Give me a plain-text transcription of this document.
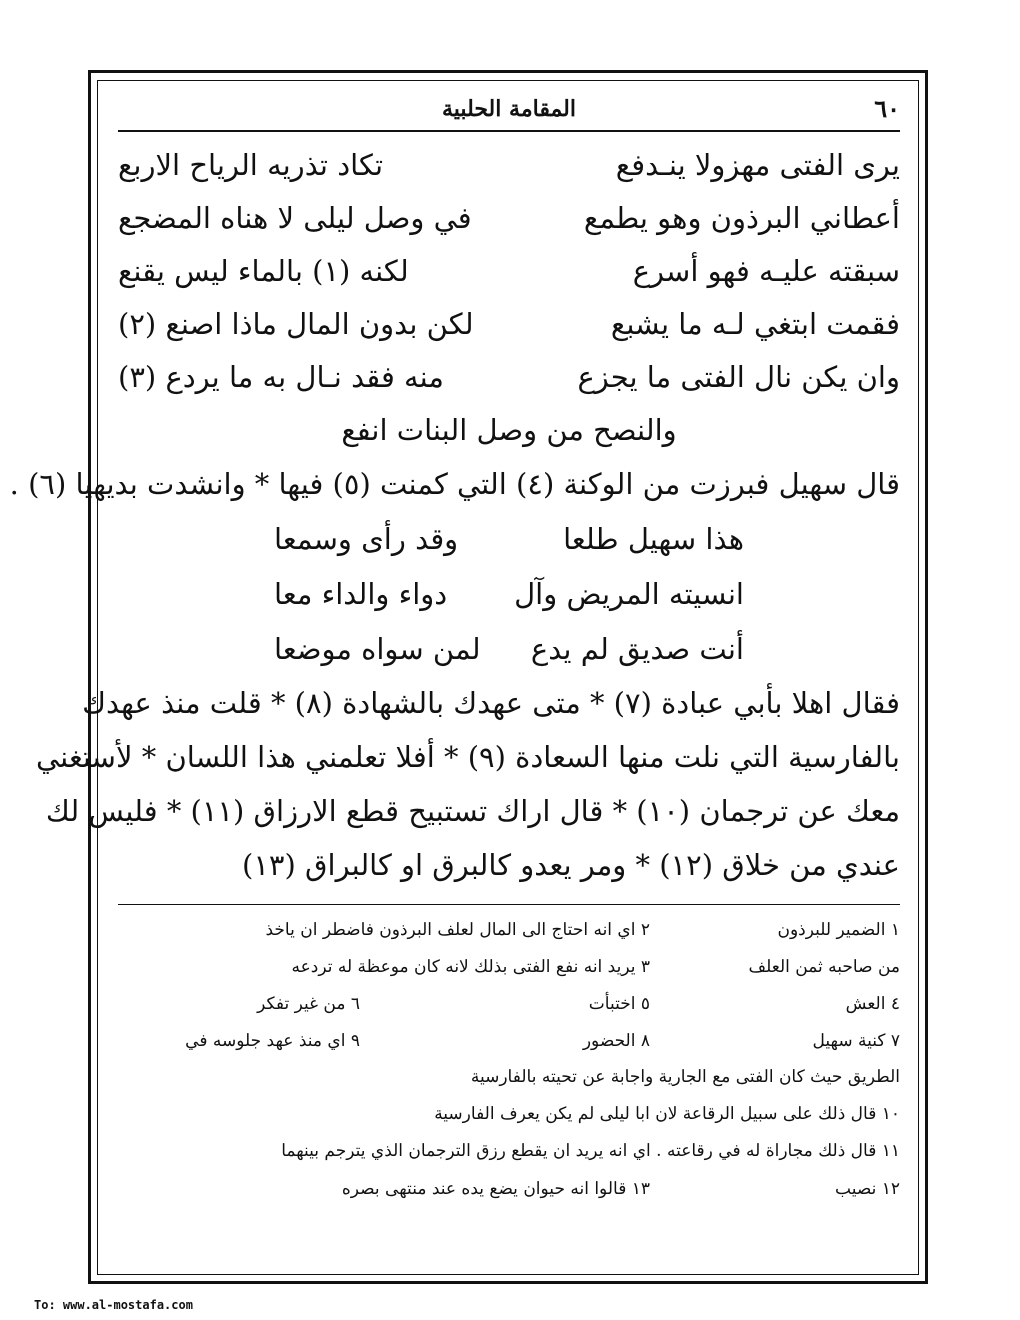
٦٠
المقامة الحلبية
يرى الفتى مهزولا ينـدفع
تكاد تذريه الرياح الاربع
أعطاني البرذون وهو يطمع
في وصل ليلى لا هناه المضجع
سبقته عليـه فهو أسرع
لكنه (١) بالماء ليس يقنع
فقمت ابتغي لـه ما يشبع
لكن بدون المال ماذا اصنع (٢)
وان يكن نال الفتى ما يجزع
منه فقد نـال به ما يردع (٣)
والنصح من وصل البنات انفع
قال سهيل فبرزت من الوكنة (٤) التي كمنت (٥) فيها * وانشدت بديهيا (٦) .
هذا سهيل طلعا
وقد رأى وسمعا
انسيته المريض وآل
دواء والداء معا
أنت صديق لم يدع
لمن سواه موضعا
فقال اهلا بأبي عبادة (٧) * متى عهدك بالشهادة (٨) * قلت منذ عهدك
بالفارسية التي نلت منها السعادة (٩) * أفلا تعلمني هذا اللسان * لأستغني
معك عن ترجمان (١٠) * قال اراك تستبيح قطع الارزاق (١١) * فليس لك
عندي من خلاق (١٢) * ومر يعدو كالبرق او كالبراق (١٣)
١ الضمير للبرذون
٢ اي انه احتاج الى المال لعلف البرذون فاضطر ان ياخذ
من صاحبه ثمن العلف
٣ يريد انه نفع الفتى بذلك لانه كان موعظة له تردعه
٤ العش
٥ اختبأت
٦ من غير تفكر
٧ كنية سهيل
٨ الحضور
٩ اي منذ عهد جلوسه في
الطريق حيث كان الفتى مع الجارية واجابة عن تحيته بالفارسية
١٠ قال ذلك على سبيل الرقاعة لان ابا ليلى لم يكن يعرف الفارسية
١١ قال ذلك مجاراة له في رقاعته . اي انه يريد ان يقطع رزق الترجمان الذي يترجم بينهما
١٢ نصيب
١٣ قالوا انه حيوان يضع يده عند منتهى بصره
To: www.al-mostafa.com
